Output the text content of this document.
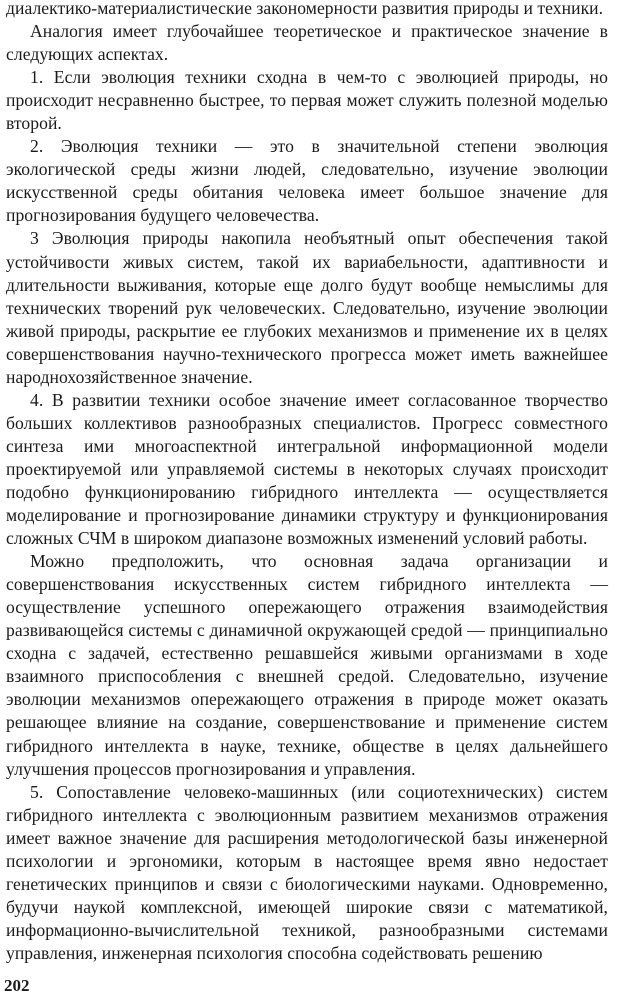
диалектико-материалистические закономерности развития природы и техники.

Аналогия имеет глубочайшее теоретическое и практическое значение в следующих аспектах.

1. Если эволюция техники сходна в чем-то с эволюцией природы, но происходит несравненно быстрее, то первая может служить полезной моделью второй.

2. Эволюция техники — это в значительной степени эволюция экологической среды жизни людей, следовательно, изучение эволюции искусственной среды обитания человека имеет большое значение для прогнозирования будущего человечества.

3 Эволюция природы накопила необъятный опыт обеспечения такой устойчивости живых систем, такой их вариабельности, адаптивности и длительности выживания, которые еще долго будут вообще немыслимы для технических творений рук человеческих. Следовательно, изучение эволюции живой природы, раскрытие ее глубоких механизмов и применение их в целях совершенствования научно-технического прогресса может иметь важнейшее народнохозяйственное значение.

4. В развитии техники особое значение имеет согласованное творчество больших коллективов разнообразных специалистов. Прогресс совместного синтеза ими многоаспектной интегральной информационной модели проектируемой или управляемой системы в некоторых случаях происходит подобно функционированию гибридного интеллекта — осуществляется моделирование и прогнозирование динамики структуру и функционирования сложных СЧМ в широком диапазоне возможных изменений условий работы.

Можно предположить, что основная задача организации и совершенствования искусственных систем гибридного интеллекта — осуществление успешного опережающего отражения взаимодействия развивающейся системы с динамичной окружающей средой — принципиально сходна с задачей, естественно решавшейся живыми организмами в ходе взаимного приспособления с внешней средой. Следовательно, изучение эволюции механизмов опережающего отражения в природе может оказать решающее влияние на создание, совершенствование и применение систем гибридного интеллекта в науке, технике, обществе в целях дальнейшего улучшения процессов прогнозирования и управления.

5. Сопоставление человеко-машинных (или социотехнических) систем гибридного интеллекта с эволюционным развитием механизмов отражения имеет важное значение для расширения методологической базы инженерной психологии и эргономики, которым в настоящее время явно недостает генетических принципов и связи с биологическими науками. Одновременно, будучи наукой комплексной, имеющей широкие связи с математикой, информационно-вычислительной техникой, разнообразными системами управления, инженерная психология способна содействовать решению

202
